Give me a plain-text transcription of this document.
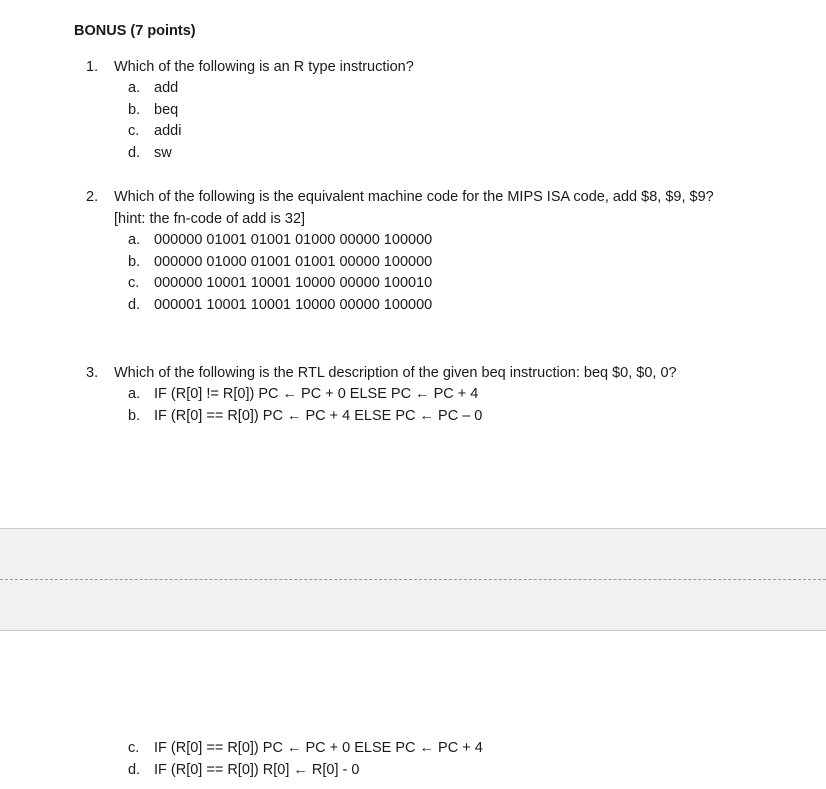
BONUS (7 points)
1.	Which of the following is an R type instruction?
a. add
b. beq
c. addi
d. sw
2.	Which of the following is the equivalent machine code for the MIPS ISA code, add $8, $9, $9?
[hint: the fn-code of add is 32]
a. 000000 01001 01001 01000 00000 100000
b. 000000 01000 01001 01001 00000 100000
c. 000000 10001 10001 10000 00000 100010
d. 000001 10001 10001 10000 00000 100000
3.	Which of the following is the RTL description of the given beq instruction: beq $0, $0, 0?
a. IF (R[0] != R[0]) PC ← PC + 0 ELSE PC ← PC + 4
b. IF (R[0] == R[0]) PC ← PC + 4 ELSE PC ← PC – 0
c. IF (R[0] == R[0]) PC ← PC + 0 ELSE PC ← PC + 4
d. IF (R[0] == R[0]) R[0] ← R[0] - 0
